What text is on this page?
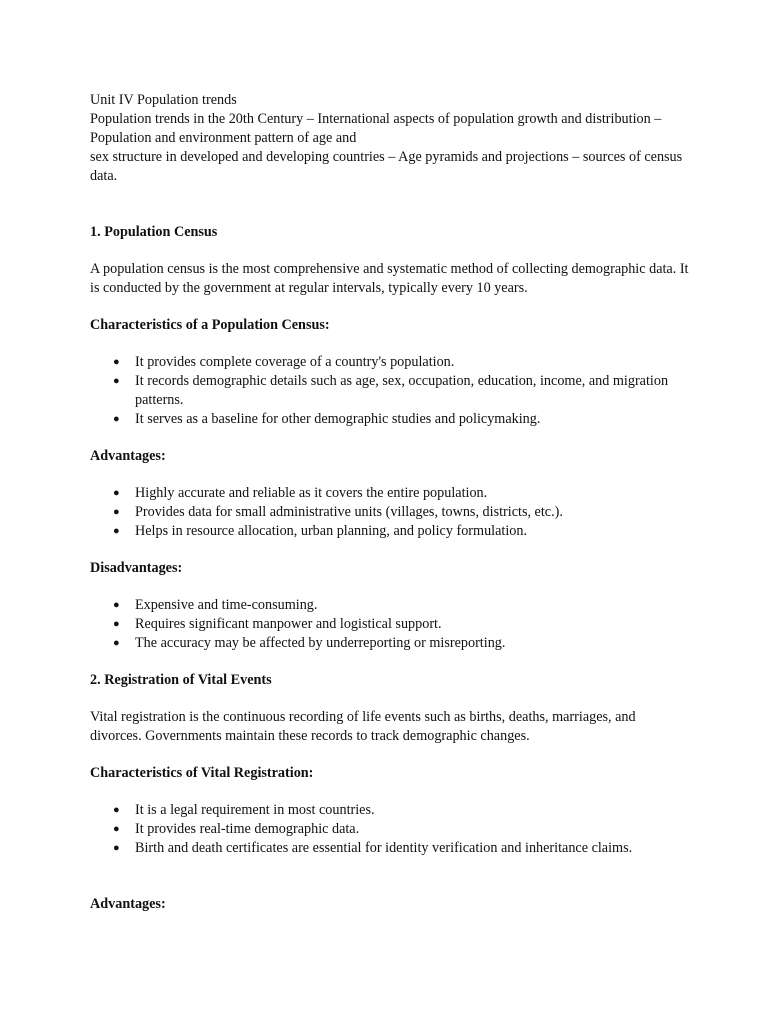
Unit IV Population trends

Population trends in the 20th Century – International aspects of population growth and distribution – Population and environment pattern of age and

sex structure in developed and developing countries – Age pyramids and projections – sources of census data.

1. Population Census

A population census is the most comprehensive and systematic method of collecting demographic data. It is conducted by the government at regular intervals, typically every 10 years.

Characteristics of a Population Census:

● It provides complete coverage of a country's population.
● It records demographic details such as age, sex, occupation, education, income, and migration patterns.
● It serves as a baseline for other demographic studies and policymaking.

Advantages:

● Highly accurate and reliable as it covers the entire population.
● Provides data for small administrative units (villages, towns, districts, etc.).
● Helps in resource allocation, urban planning, and policy formulation.

Disadvantages:

● Expensive and time-consuming.
● Requires significant manpower and logistical support.
● The accuracy may be affected by underreporting or misreporting.

2. Registration of Vital Events

Vital registration is the continuous recording of life events such as births, deaths, marriages, and divorces. Governments maintain these records to track demographic changes.

Characteristics of Vital Registration:

● It is a legal requirement in most countries.
● It provides real-time demographic data.
● Birth and death certificates are essential for identity verification and inheritance claims.

Advantages:
